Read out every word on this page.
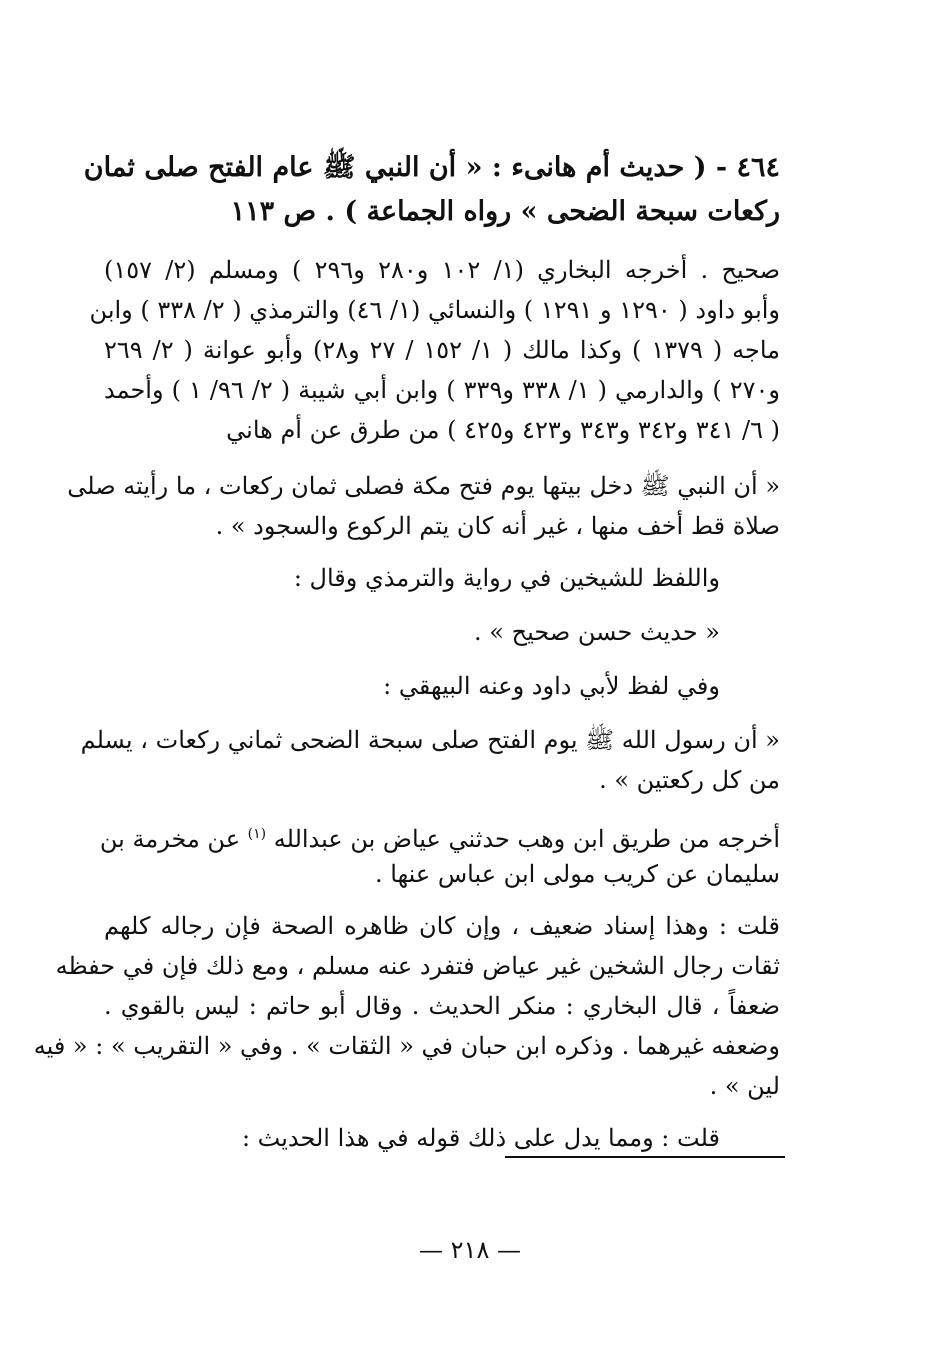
٤٦٤ - ( حديث أم هانىء : « أن النبي ﷺ عام الفتح صلى ثمان
ركعات سبحة الضحى » رواه الجماعة ) . ص ١١٣
صحيح . أخرجه البخاري (١/ ١٠٢ و٢٨٠ و٢٩٦ ) ومسلم (٢/ ١٥٧)
وأبو داود ( ١٢٩٠ و ١٢٩١ ) والنسائي (١/ ٤٦) والترمذي ( ٢/ ٣٣٨ ) وابن
ماجه ( ١٣٧٩ ) وكذا مالك ( ١/ ١٥٢ / ٢٧ و٢٨) وأبو عوانة ( ٢/ ٢٦٩
و٢٧٠ ) والدارمي ( ١/ ٣٣٨ و٣٣٩ ) وابن أبي شيبة ( ٢/ ٩٦/ ١ ) وأحمد
( ٦/ ٣٤١ و٣٤٢ و٣٤٣ و٤٢٣ و٤٢٥ ) من طرق عن أم هاني
« أن النبي ﷺ دخل بيتها يوم فتح مكة فصلى ثمان ركعات ، ما رأيته صلى
صلاة قط أخف منها ، غير أنه كان يتم الركوع والسجود » .
واللفظ للشيخين في رواية والترمذي وقال :
« حديث حسن صحيح » .
وفي لفظ لأبي داود وعنه البيهقي :
« أن رسول الله ﷺ يوم الفتح صلى سبحة الضحى ثماني ركعات ، يسلم
من كل ركعتين » .
أخرجه من طريق ابن وهب حدثني عياض بن عبدالله $^{(١)}$ عن مخرمة بن
سليمان عن كريب مولى ابن عباس عنها .
قلت : وهذا إسناد ضعيف ، وإن كان ظاهره الصحة فإن رجاله كلهم
ثقات رجال الشخين غير عياض فتفرد عنه مسلم ، ومع ذلك فإن في حفظه
ضعفاً ، قال البخاري : منكر الحديث . وقال أبو حاتم : ليس بالقوي .
وضعفه غيرهما . وذكره ابن حبان في « الثقات » . وفي « التقريب » : « فيه
لين » .
قلت : ومما يدل على ذلك قوله في هذا الحديث :
— ٢١٨ —
